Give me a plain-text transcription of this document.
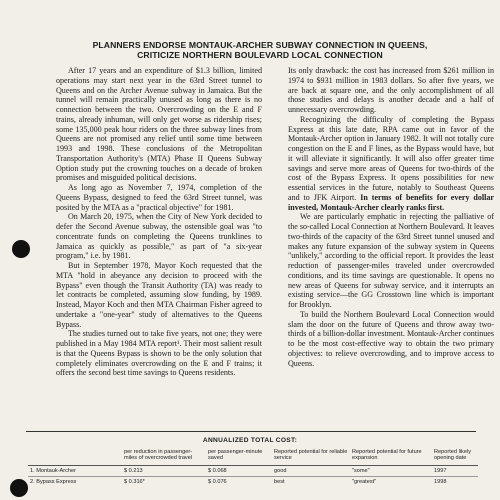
PLANNERS ENDORSE MONTAUK-ARCHER SUBWAY CONNECTION IN QUEENS,
CRITICIZE NORTHERN BOULEVARD LOCAL CONNECTION

After 17 years and an expenditure of $1.3 billion, limited operations may start next year in the 63rd Street tunnel to Queens and on the Archer Avenue subway in Jamaica. But the tunnel will remain practically unused as long as there is no connection between the two. Overcrowding on the E and F trains, already inhuman, will only get worse as ridership rises; some 135,000 peak hour riders on the three subway lines from Queens are not promised any relief until some time between 1993 and 1998. These conclusions of the Metropolitan Transportation Authority's (MTA) Phase II Queens Subway Option study put the crowning touches on a decade of broken promises and misguided political decisions.

As long ago as November 7, 1974, completion of the Queens Bypass, designed to feed the 63rd Street tunnel, was posited by the MTA as a "practical objective" for 1981.

On March 20, 1975, when the City of New York decided to defer the Second Avenue subway, the ostensible goal was "to concentrate funds on completing the Queens trunklines to Jamaica as quickly as possible," as part of "a six-year program," i.e. by 1981.

But in September 1978, Mayor Koch requested that the MTA "hold in abeyance any decision to proceed with the Bypass" even though the Transit Authority (TA) was ready to let contracts be completed, assuming slow funding, by 1989. Instead, Mayor Koch and then MTA Chairman Fisher agreed to undertake a "one-year" study of alternatives to the Queens Bypass.

The studies turned out to take five years, not one; they were published in a May 1984 MTA report¹. Their most salient result is that the Queens Bypass is shown to be the only solution that completely eliminates overcrowding on the E and F trains; it offers the second best time savings to Queens residents.

Its only drawback: the cost has increased from $261 million in 1974 to $931 million in 1983 dollars. So after five years, we are back at square one, and the only accomplishment of all those studies and delays is another decade and a half of unnecessary overcrowding.

Recognizing the difficulty of completing the Bypass Express at this late date, RPA came out in favor of the Montauk-Archer option in January 1982. It will not totally cure congestion on the E and F lines, as the Bypass would have, but it will alleviate it significantly. It will also offer greater time savings and serve more areas of Queens for two-thirds of the cost of the Bypass Express. It opens possibilities for new essential services in the future, notably to Southeast Queens and to JFK Airport. In terms of benefits for every dollar invested, Montauk-Archer clearly ranks first.

We are particularly emphatic in rejecting the palliative of the so-called Local Connection at Northern Boulevard. It leaves two-thirds of the capacity of the 63rd Street tunnel unused and makes any future expansion of the subway system in Queens "unlikely," according to the official report. It provides the least reduction of passenger-miles traveled under overcrowded conditions, and its time savings are questionable. It opens no new areas of Queens for subway service, and it interrupts an existing service—the GG Crosstown line which is important for Brooklyn.

To build the Northern Boulevard Local Connection would slam the door on the future of Queens and throw away two-thirds of a billion-dollar investment. Montauk-Archer continues to be the most cost-effective way to obtain the two primary objectives: to relieve overcrowding, and to improve access to Queens.

ANNUALIZED TOTAL COST:
	per reduction in passenger-miles of overcrowded travel	per passenger-minute saved	Reported potential for reliable service	Reported potential for future expansion	Reported likely opening date
1. Montauk-Archer	$ 0.213	$ 0.068	good	"some"	1997
2. Bypass Express	$ 0.316*	$ 0.076	best	"greatest"	1998
